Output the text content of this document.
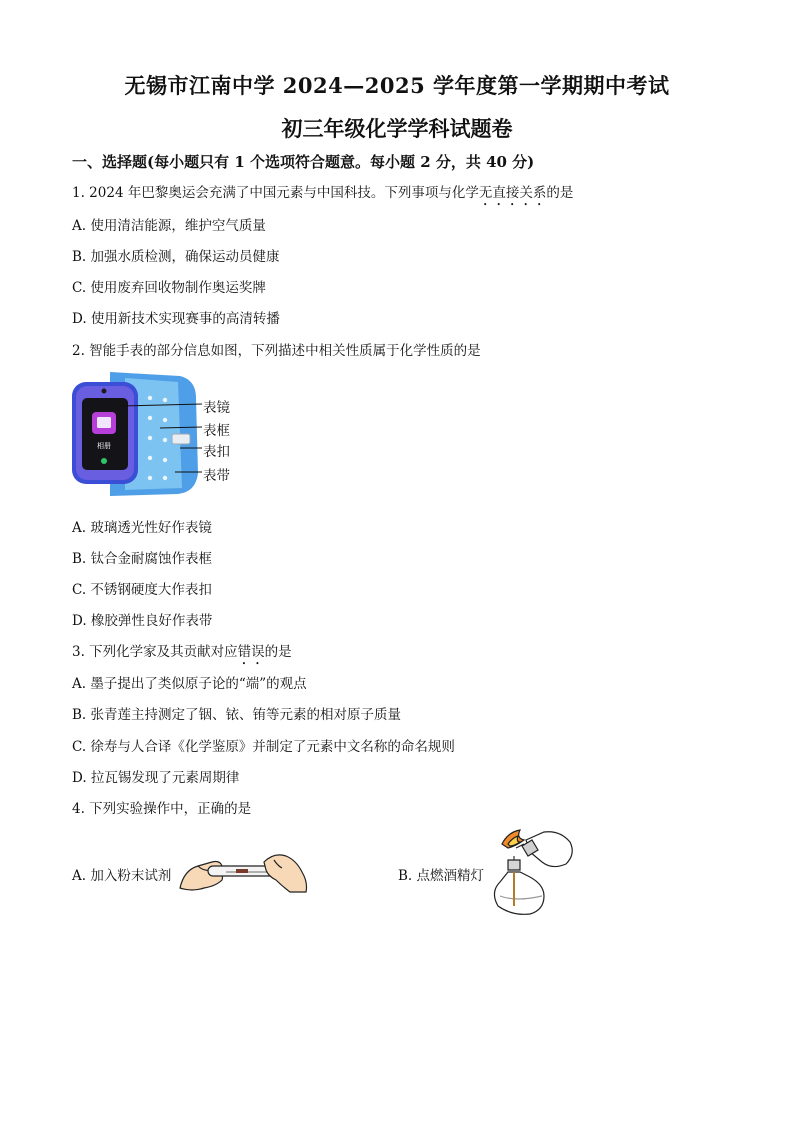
无锡市江南中学 2024—2025 学年度第一学期期中考试
初三年级化学学科试题卷
一、选择题(每小题只有 1 个选项符合题意。每小题 2 分，共 40 分)
1. 2024 年巴黎奥运会充满了中国元素与中国科技。下列事项与化学无直接关系的是
A. 使用清洁能源，维护空气质量
B. 加强水质检测，确保运动员健康
C. 使用废弃回收物制作奥运奖牌
D. 使用新技术实现赛事的高清转播
2. 智能手表的部分信息如图，下列描述中相关性质属于化学性质的是
相册
表镜
表框
表扣
表带
A. 玻璃透光性好作表镜
B. 钛合金耐腐蚀作表框
C. 不锈钢硬度大作表扣
D. 橡胶弹性良好作表带
3. 下列化学家及其贡献对应错误的是
A. 墨子提出了类似原子论的“端”的观点
B. 张青莲主持测定了铟、铱、铕等元素的相对原子质量
C. 徐寿与人合译《化学鉴原》并制定了元素中文名称的命名规则
D. 拉瓦锡发现了元素周期律
4. 下列实验操作中，正确的是
A. 加入粉末试剂	B. 点燃酒精灯
